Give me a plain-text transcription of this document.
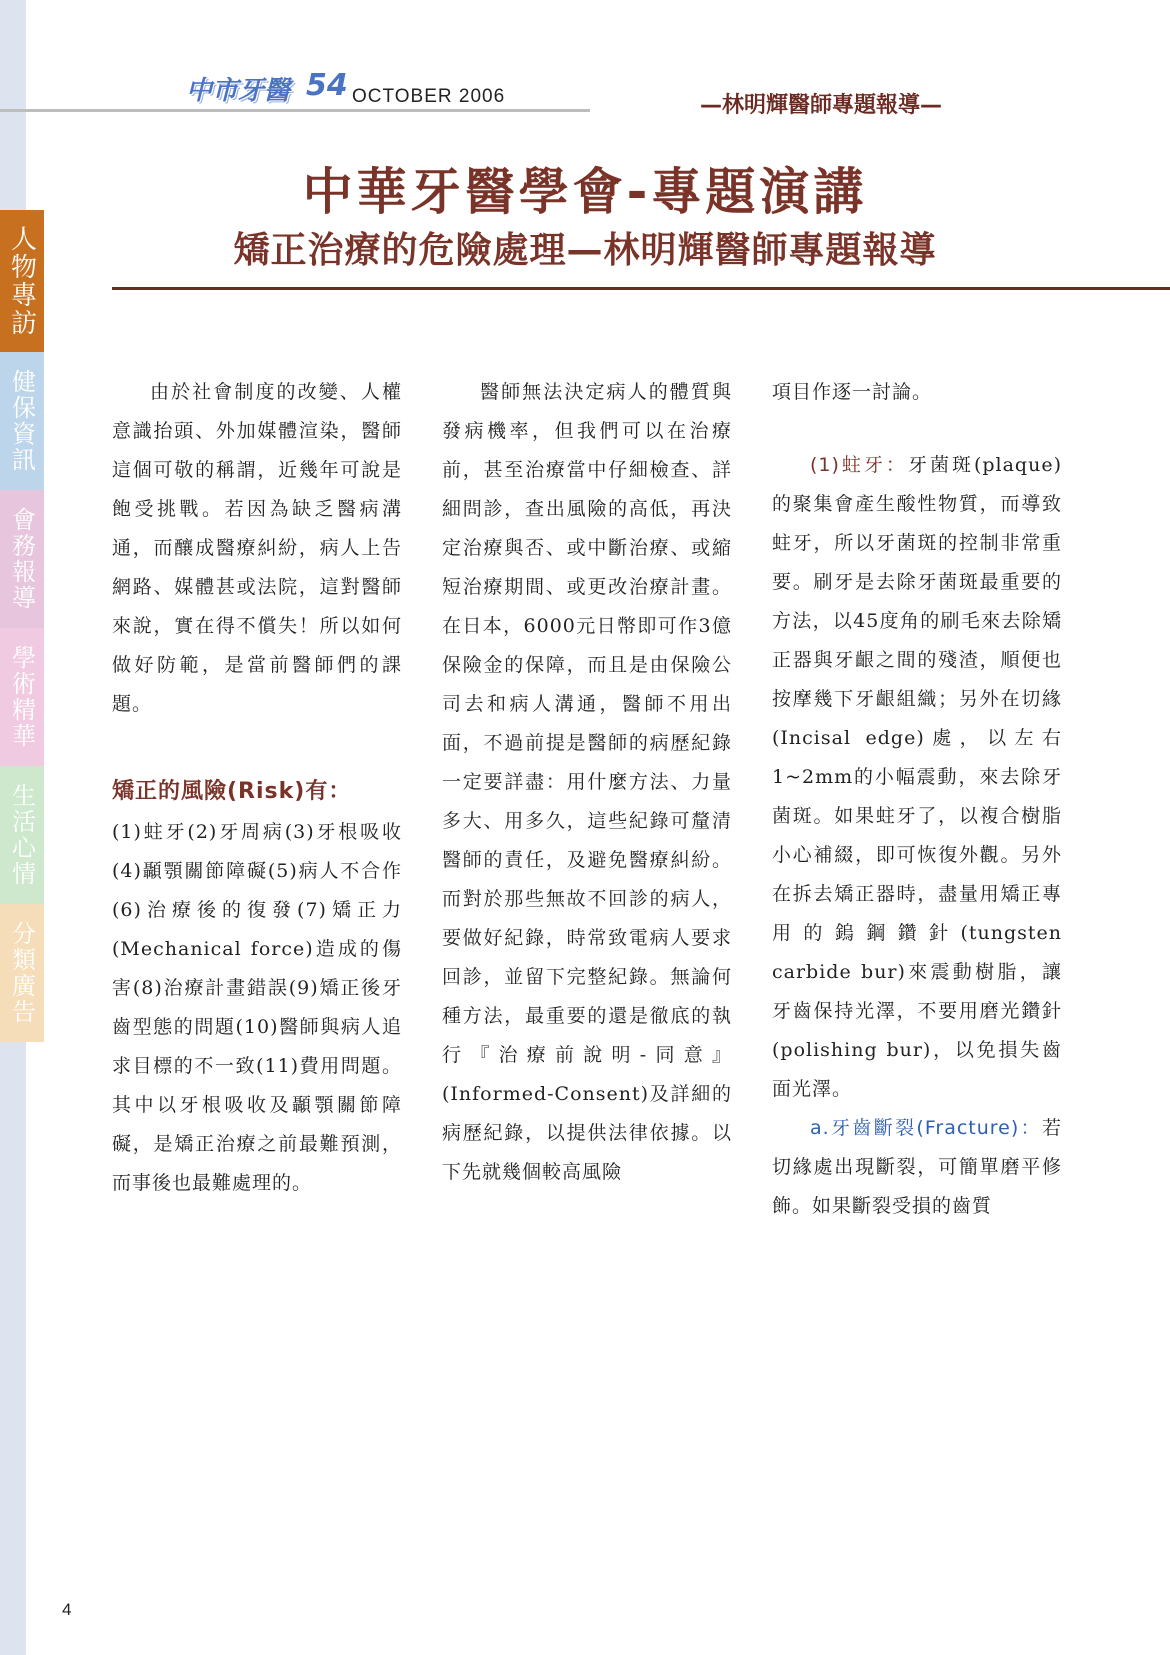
人物專訪
健保資訊
會務報導
學術精華
生活心情
分類廣告
中市牙醫 54 OCTOBER 2006	—林明輝醫師專題報導—
中華牙醫學會-專題演講
矯正治療的危險處理—林明輝醫師專題報導

由於社會制度的改變、人權意識抬頭、外加媒體渲染，醫師這個可敬的稱謂，近幾年可說是飽受挑戰。若因為缺乏醫病溝通，而釀成醫療糾紛，病人上告網路、媒體甚或法院，這對醫師來說，實在得不償失！所以如何做好防範，是當前醫師們的課題。

矯正的風險(Risk)有：

(1)蛀牙(2)牙周病(3)牙根吸收(4)顳顎關節障礙(5)病人不合作(6)治療後的復發(7)矯正力(Mechanical force)造成的傷害(8)治療計畫錯誤(9)矯正後牙齒型態的問題(10)醫師與病人追求目標的不一致(11)費用問題。其中以牙根吸收及顳顎關節障礙，是矯正治療之前最難預測，而事後也最難處理的。

醫師無法決定病人的體質與發病機率，但我們可以在治療前，甚至治療當中仔細檢查、詳細問診，查出風險的高低，再決定治療與否、或中斷治療、或縮短治療期間、或更改治療計畫。在日本，6000元日幣即可作3億保險金的保障，而且是由保險公司去和病人溝通，醫師不用出面，不過前提是醫師的病歷紀錄一定要詳盡：用什麼方法、力量多大、用多久，這些紀錄可釐清醫師的責任，及避免醫療糾紛。而對於那些無故不回診的病人，要做好紀錄，時常致電病人要求回診，並留下完整紀錄。無論何種方法，最重要的還是徹底的執行『治療前說明-同意』(Informed-Consent)及詳細的病歷紀錄，以提供法律依據。以下先就幾個較高風險

項目作逐一討論。

(1)蛀牙：牙菌斑(plaque)的聚集會產生酸性物質，而導致蛀牙，所以牙菌斑的控制非常重要。刷牙是去除牙菌斑最重要的方法，以45度角的刷毛來去除矯正器與牙齦之間的殘渣，順便也按摩幾下牙齦組織；另外在切緣(Incisal edge)處，以左右1~2mm的小幅震動，來去除牙菌斑。如果蛀牙了，以複合樹脂小心補綴，即可恢復外觀。另外在拆去矯正器時，盡量用矯正專用的鎢鋼鑽針(tungsten carbide bur)來震動樹脂，讓牙齒保持光澤，不要用磨光鑽針(polishing bur)，以免損失齒面光澤。

a.牙齒斷裂(Fracture)：若切緣處出現斷裂，可簡單磨平修飾。如果斷裂受損的齒質

4
